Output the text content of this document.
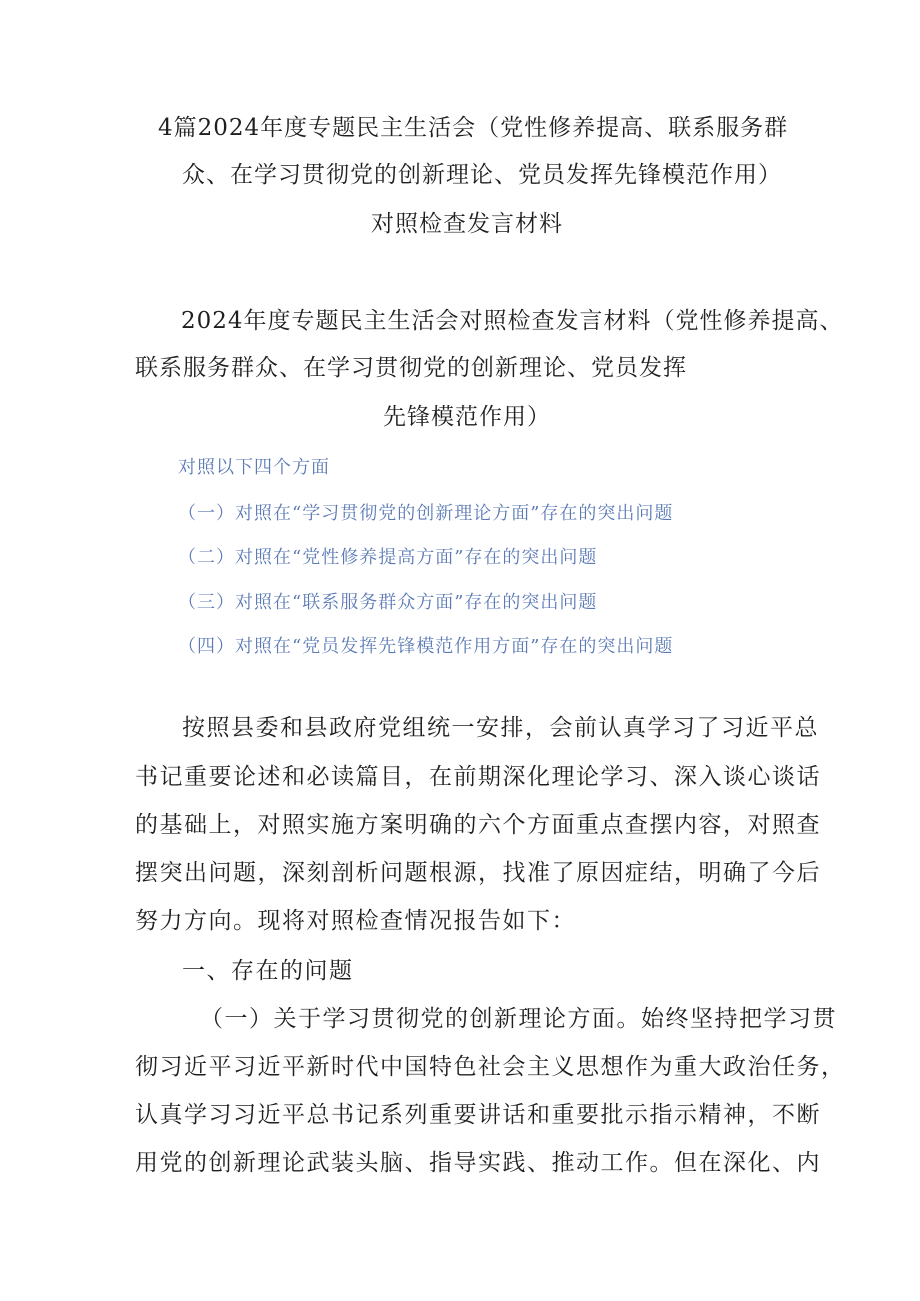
4篇2024年度专题民主生活会（党性修养提高、联系服务群
众、在学习贯彻党的创新理论、党员发挥先锋模范作用）
对照检查发言材料
2024年度专题民主生活会对照检查发言材料（党性修养提高、
联系服务群众、在学习贯彻党的创新理论、党员发挥
先锋模范作用）
对照以下四个方面
（一）对照在“学习贯彻党的创新理论方面”存在的突出问题
（二）对照在“党性修养提高方面”存在的突出问题
（三）对照在“联系服务群众方面”存在的突出问题
（四）对照在“党员发挥先锋模范作用方面”存在的突出问题
按照县委和县政府党组统一安排，会前认真学习了习近平总
书记重要论述和必读篇目，在前期深化理论学习、深入谈心谈话
的基础上，对照实施方案明确的六个方面重点查摆内容，对照查
摆突出问题，深刻剖析问题根源，找准了原因症结，明确了今后
努力方向。现将对照检查情况报告如下：
一、存在的问题
（一）关于学习贯彻党的创新理论方面。始终坚持把学习贯
彻习近平习近平新时代中国特色社会主义思想作为重大政治任务，
认真学习习近平总书记系列重要讲话和重要批示指示精神，不断
用党的创新理论武装头脑、指导实践、推动工作。但在深化、内
